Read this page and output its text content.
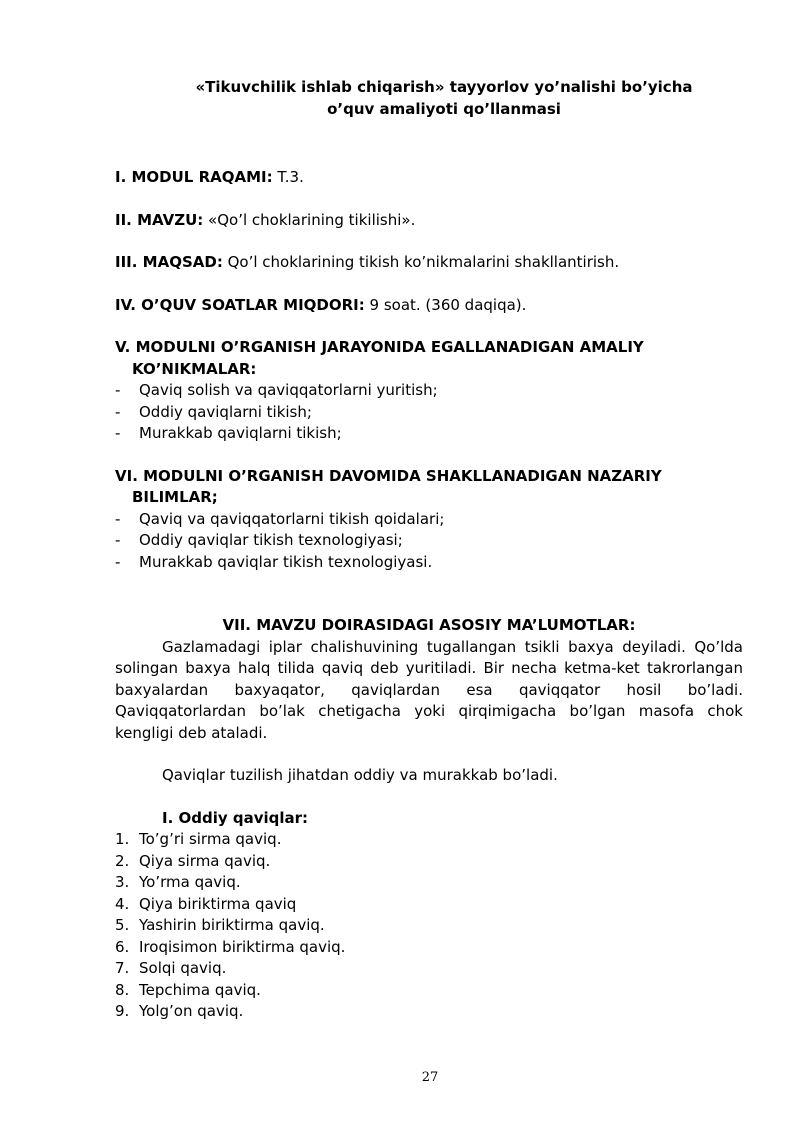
«Tikuvchilik ishlab chiqarish» tayyorlov yo’nalishi bo’yicha
o’quv amaliyoti qo’llanmasi

I. MODUL RAQAMI: T.3.

II. MAVZU: «Qo’l choklarining tikilishi».

III. MAQSAD: Qo’l choklarining tikish ko’nikmalarini shakllantirish.

IV. O’QUV SOATLAR MIQDORI: 9 soat. (360 daqiqa).

V. MODULNI O’RGANISH JARAYONIDA EGALLANADIGAN AMALIY
KO’NIKMALAR:

- Qaviq solish va qaviqqatorlarni yuritish;
- Oddiy qaviqlarni tikish;
- Murakkab qaviqlarni tikish;

VI. MODULNI O’RGANISH DAVOMIDA SHAKLLANADIGAN NAZARIY
BILIMLAR;

- Qaviq va qaviqqatorlarni tikish qoidalari;
- Oddiy qaviqlar tikish texnologiyasi;
- Murakkab qaviqlar tikish texnologiyasi.

VII. MAVZU DOIRASIDAGI ASOSIY MA’LUMOTLAR:

Gazlamadagi iplar chalishuvining tugallangan tsikli baxya deyiladi. Qo’lda solingan baxya halq tilida qaviq deb yuritiladi. Bir necha ketma-ket takrorlangan baxyalardan baxyaqator, qaviqlardan esa qaviqqator hosil bo’ladi. Qaviqqatorlardan bo’lak chetigacha yoki qirqimigacha bo’lgan masofa chok kengligi deb ataladi.

Qaviqlar tuzilish jihatdan oddiy va murakkab bo’ladi.

I. Oddiy qaviqlar:

1. To’g’ri sirma qaviq.
2. Qiya sirma qaviq.
3. Yo’rma qaviq.
4. Qiya biriktirma qaviq
5. Yashirin biriktirma qaviq.
6. Iroqisimon biriktirma qaviq.
7. Solqi qaviq.
8. Tepchima qaviq.
9. Yolg’on qaviq.
27
